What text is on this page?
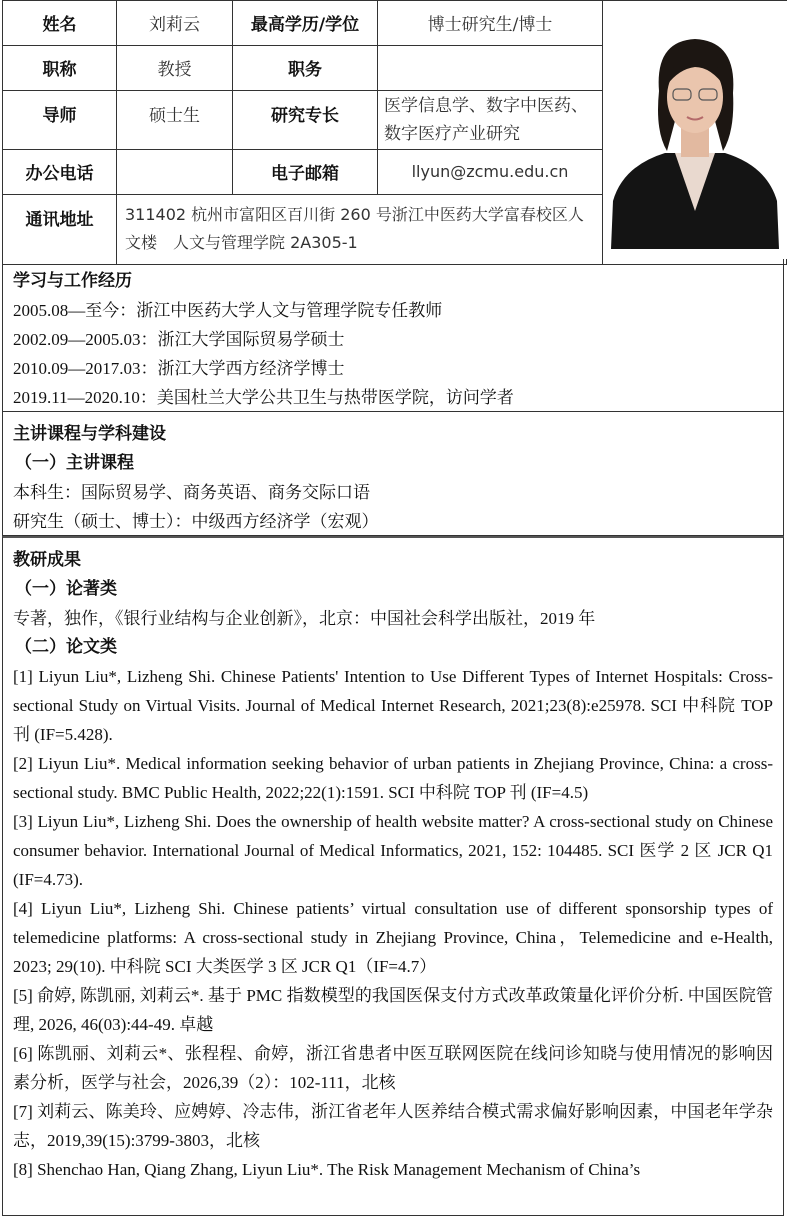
姓名	刘莉云	最高学历/学位	博士研究生/博士	
职称	教授	职务		
导师	硕士生	研究专长	医学信息学、数字中医药、数字医疗产业研究	
办公电话		电子邮箱	llyun@zcmu.edu.cn	
通讯地址	311402 杭州市富阳区百川街 260 号浙江中医药大学富春校区人文楼　人文与管理学院 2A305-1			
学习与工作经历
2005.08—至今：浙江中医药大学人文与管理学院专任教师
2002.09—2005.03：浙江大学国际贸易学硕士
2010.09—2017.03：浙江大学西方经济学博士
2019.11—2020.10：美国杜兰大学公共卫生与热带医学院，访问学者
主讲课程与学科建设
（一）主讲课程
本科生：国际贸易学、商务英语、商务交际口语
研究生（硕士、博士）：中级西方经济学（宏观）
教研成果
（一）论著类
专著，独作，《银行业结构与企业创新》，北京：中国社会科学出版社，2019 年
（二）论文类
[1] Liyun Liu*, Lizheng Shi. Chinese Patients' Intention to Use Different Types of Internet Hospitals: Cross-sectional Study on Virtual Visits. Journal of Medical Internet Research, 2021;23(8):e25978. SCI 中科院 TOP 刊 (IF=5.428).
[2] Liyun Liu*. Medical information seeking behavior of urban patients in Zhejiang Province, China: a cross-sectional study. BMC Public Health, 2022;22(1):1591. SCI 中科院 TOP 刊 (IF=4.5)
[3] Liyun Liu*, Lizheng Shi. Does the ownership of health website matter? A cross-sectional study on Chinese consumer behavior. International Journal of Medical Informatics, 2021, 152: 104485. SCI 医学 2 区 JCR Q1 (IF=4.73).
[4] Liyun Liu*, Lizheng Shi. Chinese patients’ virtual consultation use of different sponsorship types of telemedicine platforms: A cross-sectional study in Zhejiang Province, China，Telemedicine and e-Health, 2023; 29(10). 中科院 SCI 大类医学 3 区 JCR Q1（IF=4.7）
[5] 俞婷, 陈凯丽, 刘莉云*. 基于 PMC 指数模型的我国医保支付方式改革政策量化评价分析. 中国医院管理, 2026, 46(03):44-49. 卓越
[6] 陈凯丽、刘莉云*、张程程、俞婷，浙江省患者中医互联网医院在线问诊知晓与使用情况的影响因素分析，医学与社会，2026,39（2）：102-111，北核
[7] 刘莉云、陈美玲、应娉婷、冷志伟，浙江省老年人医养结合模式需求偏好影响因素，中国老年学杂志，2019,39(15):3799-3803，北核
[8] Shenchao Han, Qiang Zhang, Liyun Liu*. The Risk Management Mechanism of China’s
